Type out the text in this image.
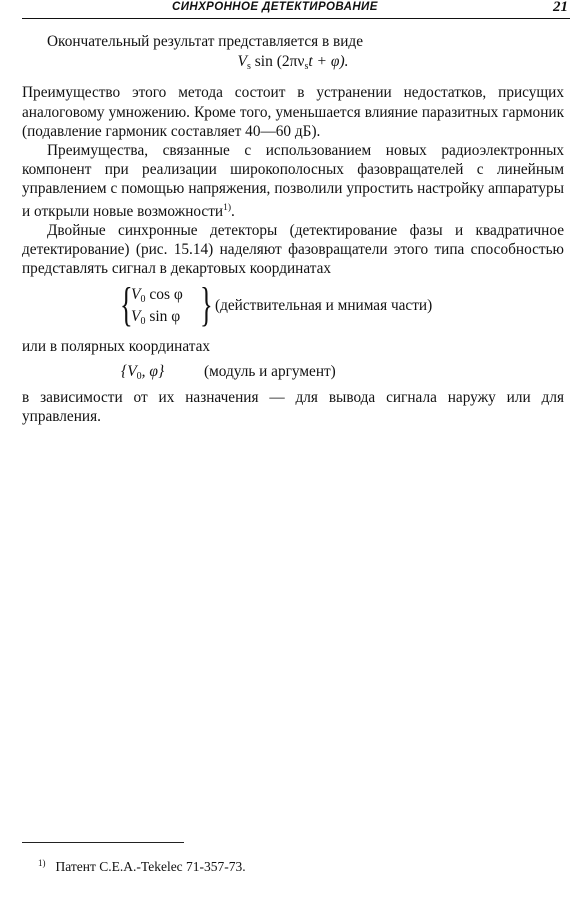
СИНХРОННОЕ ДЕТЕКТИРОВАНИЕ	21

Окончательный результат представляется в виде

$V_s$ $\sin (2\pi\nu_st + \varphi)$.

Преимущество этого метода состоит в устранении недостатков, присущих аналоговому умножению. Кроме того, уменьшается влияние паразитных гармоник (подавление гармоник составляет 40—60 дБ).

Преимущества, связанные с использованием новых радиоэлектронных компонент при реализации широкополосных фазовращателей с линейным управлением с помощью напряжения, позволили упростить настройку аппаратуры и открыли новые возможности$^{1)}$.

Двойные синхронные детекторы (детектирование фазы и квадратичное детектирование) (рис. 15.14) наделяют фазовращатели этого типа способностью представлять сигнал в декартовых координатах

{
$V_0$ cos φ
$V_0$ sin φ } (действительная и мнимая части)

или в полярных координатах

{$V_0$, φ}	(модуль и аргумент)

в зависимости от их назначения — для вывода сигнала наружу или для управления.

$^{1)}$ Патент С.Е.А.-Tekelec 71-357-73.
